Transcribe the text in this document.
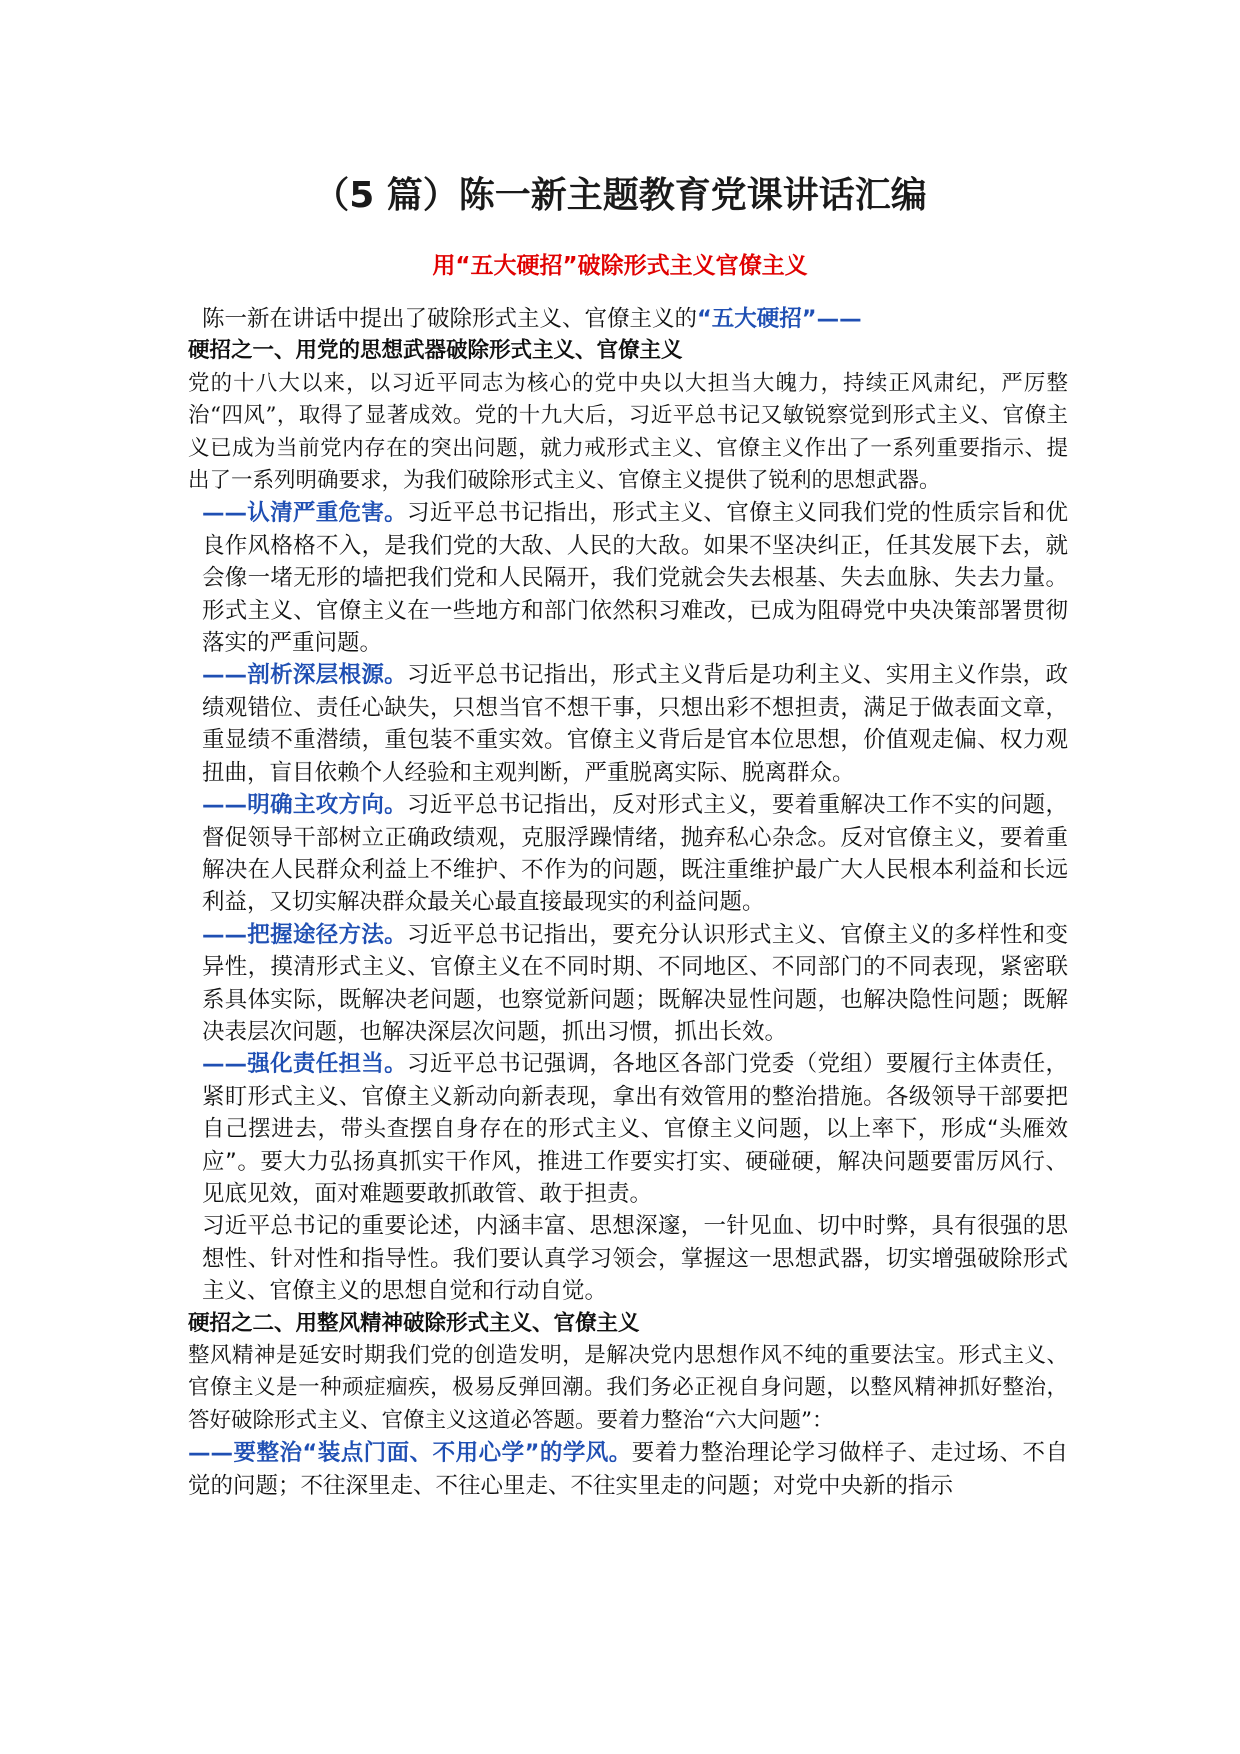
（5 篇）陈一新主题教育党课讲话汇编
用“五大硬招”破除形式主义官僚主义

陈一新在讲话中提出了破除形式主义、官僚主义的“五大硬招”——

硬招之一、用党的思想武器破除形式主义、官僚主义

党的十八大以来，以习近平同志为核心的党中央以大担当大魄力，持续正风肃纪，严厉整治“四风”，取得了显著成效。党的十九大后，习近平总书记又敏锐察觉到形式主义、官僚主义已成为当前党内存在的突出问题，就力戒形式主义、官僚主义作出了一系列重要指示、提出了一系列明确要求，为我们破除形式主义、官僚主义提供了锐利的思想武器。

——认清严重危害。习近平总书记指出，形式主义、官僚主义同我们党的性质宗旨和优良作风格格不入，是我们党的大敌、人民的大敌。如果不坚决纠正，任其发展下去，就会像一堵无形的墙把我们党和人民隔开，我们党就会失去根基、失去血脉、失去力量。形式主义、官僚主义在一些地方和部门依然积习难改，已成为阻碍党中央决策部署贯彻落实的严重问题。

——剖析深层根源。习近平总书记指出，形式主义背后是功利主义、实用主义作祟，政绩观错位、责任心缺失，只想当官不想干事，只想出彩不想担责，满足于做表面文章，重显绩不重潜绩，重包装不重实效。官僚主义背后是官本位思想，价值观走偏、权力观扭曲，盲目依赖个人经验和主观判断，严重脱离实际、脱离群众。

——明确主攻方向。习近平总书记指出，反对形式主义，要着重解决工作不实的问题，督促领导干部树立正确政绩观，克服浮躁情绪，抛弃私心杂念。反对官僚主义，要着重解决在人民群众利益上不维护、不作为的问题，既注重维护最广大人民根本利益和长远利益，又切实解决群众最关心最直接最现实的利益问题。

——把握途径方法。习近平总书记指出，要充分认识形式主义、官僚主义的多样性和变异性，摸清形式主义、官僚主义在不同时期、不同地区、不同部门的不同表现，紧密联系具体实际，既解决老问题，也察觉新问题；既解决显性问题，也解决隐性问题；既解决表层次问题，也解决深层次问题，抓出习惯，抓出长效。

——强化责任担当。习近平总书记强调，各地区各部门党委（党组）要履行主体责任，紧盯形式主义、官僚主义新动向新表现，拿出有效管用的整治措施。各级领导干部要把自己摆进去，带头查摆自身存在的形式主义、官僚主义问题，以上率下，形成“头雁效应”。要大力弘扬真抓实干作风，推进工作要实打实、硬碰硬，解决问题要雷厉风行、见底见效，面对难题要敢抓敢管、敢于担责。

习近平总书记的重要论述，内涵丰富、思想深邃，一针见血、切中时弊，具有很强的思想性、针对性和指导性。我们要认真学习领会，掌握这一思想武器，切实增强破除形式主义、官僚主义的思想自觉和行动自觉。

硬招之二、用整风精神破除形式主义、官僚主义

整风精神是延安时期我们党的创造发明，是解决党内思想作风不纯的重要法宝。形式主义、官僚主义是一种顽症痼疾，极易反弹回潮。我们务必正视自身问题，以整风精神抓好整治，答好破除形式主义、官僚主义这道必答题。要着力整治“六大问题”：

——要整治“装点门面、不用心学”的学风。要着力整治理论学习做样子、走过场、不自觉的问题；不往深里走、不往心里走、不往实里走的问题；对党中央新的指示
